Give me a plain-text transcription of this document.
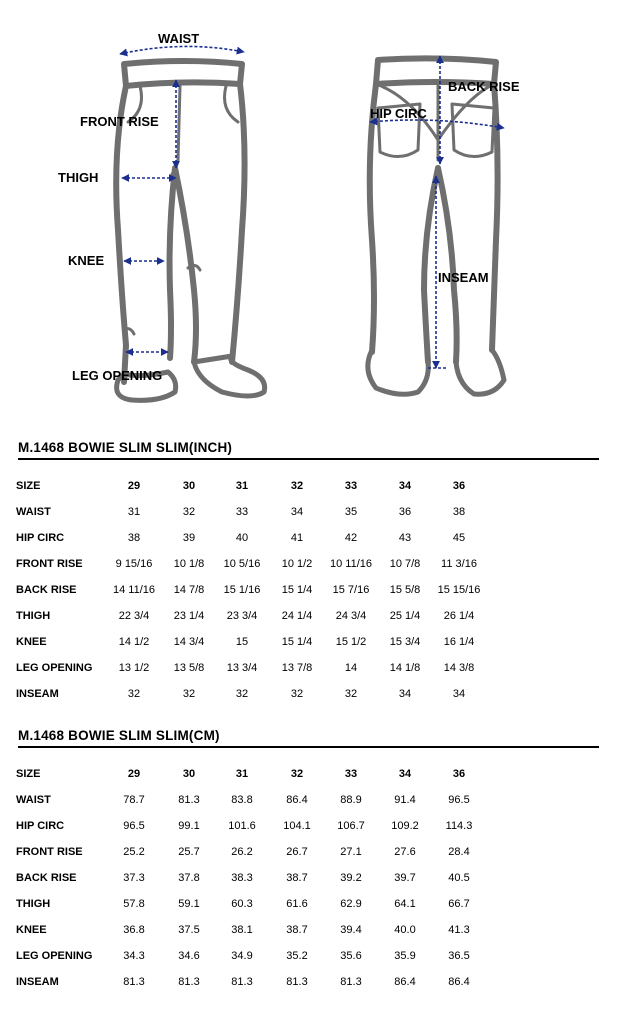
WAIST
FRONT RISE
THIGH
KNEE
LEG OPENING
BACK RISE
HIP CIRC
INSEAM
M.1468 BOWIE SLIM SLIM(INCH)
SIZE	29	30	31	32	33	34	36
WAIST	31	32	33	34	35	36	38
HIP CIRC	38	39	40	41	42	43	45
FRONT RISE	9 15/16	10 1/8	10 5/16	10 1/2	10 11/16	10 7/8	11 3/16
BACK RISE	14 11/16	14 7/8	15 1/16	15 1/4	15 7/16	15 5/8	15 15/16
THIGH	22 3/4	23 1/4	23 3/4	24 1/4	24 3/4	25 1/4	26 1/4
KNEE	14 1/2	14 3/4	15	15 1/4	15 1/2	15 3/4	16 1/4
LEG OPENING	13 1/2	13 5/8	13 3/4	13 7/8	14	14 1/8	14 3/8
INSEAM	32	32	32	32	32	34	34
M.1468 BOWIE SLIM SLIM(CM)
SIZE	29	30	31	32	33	34	36
WAIST	78.7	81.3	83.8	86.4	88.9	91.4	96.5
HIP CIRC	96.5	99.1	101.6	104.1	106.7	109.2	114.3
FRONT RISE	25.2	25.7	26.2	26.7	27.1	27.6	28.4
BACK RISE	37.3	37.8	38.3	38.7	39.2	39.7	40.5
THIGH	57.8	59.1	60.3	61.6	62.9	64.1	66.7
KNEE	36.8	37.5	38.1	38.7	39.4	40.0	41.3
LEG OPENING	34.3	34.6	34.9	35.2	35.6	35.9	36.5
INSEAM	81.3	81.3	81.3	81.3	81.3	86.4	86.4
